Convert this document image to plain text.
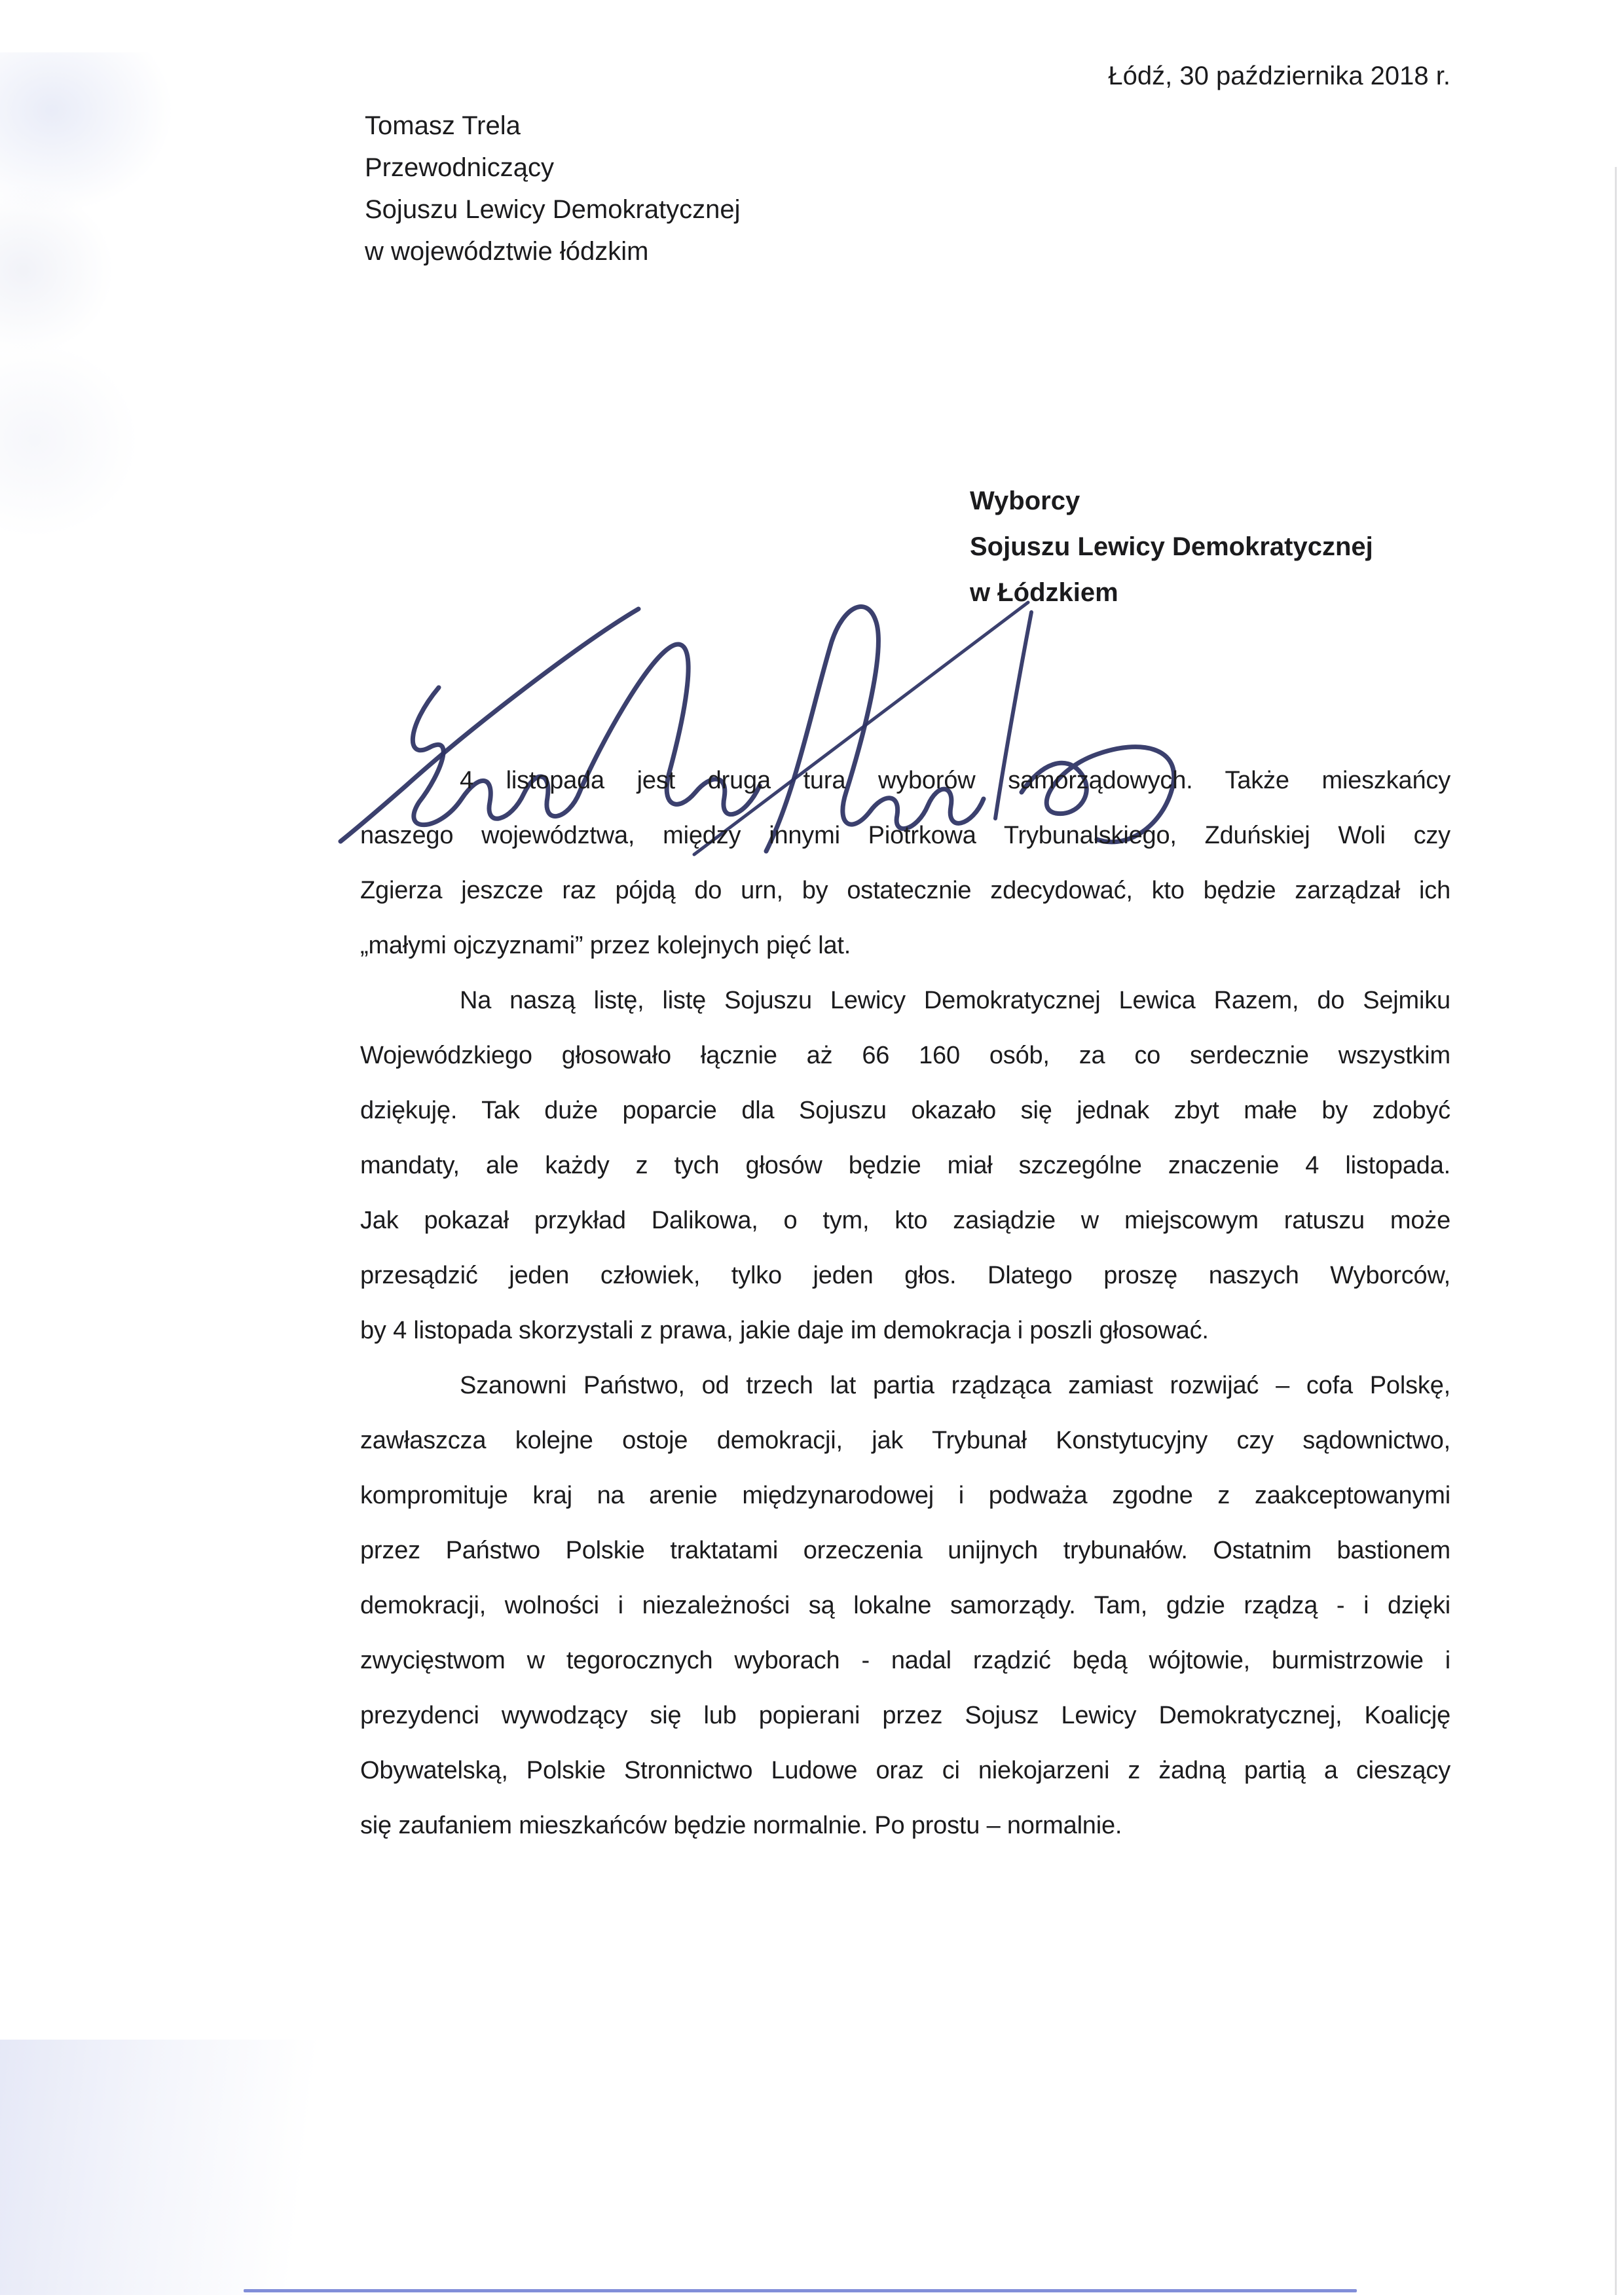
Łódź, 30 października 2018 r.
Tomasz Trela
Przewodniczący
Sojuszu Lewicy Demokratycznej
w województwie łódzkim
Wyborcy
Sojuszu Lewicy Demokratycznej
w Łódzkiem
4 listopada jest druga tura wyborów samorządowych. Także mieszkańcy
naszego województwa, między innymi Piotrkowa Trybunalskiego, Zduńskiej Woli czy
Zgierza jeszcze raz pójdą do urn, by ostatecznie zdecydować, kto będzie zarządzał ich
„małymi ojczyznami” przez kolejnych pięć lat.
Na naszą listę, listę Sojuszu Lewicy Demokratycznej Lewica Razem, do Sejmiku
Wojewódzkiego głosowało łącznie aż 66 160 osób, za co serdecznie wszystkim
dziękuję. Tak duże poparcie dla Sojuszu okazało się jednak zbyt małe by zdobyć
mandaty, ale każdy z tych głosów będzie miał szczególne znaczenie 4 listopada.
Jak pokazał przykład Dalikowa, o tym, kto zasiądzie w miejscowym ratuszu może
przesądzić jeden człowiek, tylko jeden głos. Dlatego proszę naszych Wyborców,
by 4 listopada skorzystali z prawa, jakie daje im demokracja i poszli głosować.
Szanowni Państwo, od trzech lat partia rządząca zamiast rozwijać – cofa Polskę,
zawłaszcza kolejne ostoje demokracji, jak Trybunał Konstytucyjny czy sądownictwo,
kompromituje kraj na arenie międzynarodowej i podważa zgodne z zaakceptowanymi
przez Państwo Polskie traktatami orzeczenia unijnych trybunałów. Ostatnim bastionem
demokracji, wolności i niezależności są lokalne samorządy. Tam, gdzie rządzą - i dzięki
zwycięstwom w tegorocznych wyborach - nadal rządzić będą wójtowie, burmistrzowie i
prezydenci wywodzący się lub popierani przez Sojusz Lewicy Demokratycznej, Koalicję
Obywatelską, Polskie Stronnictwo Ludowe oraz ci niekojarzeni z żadną partią a cieszący
się zaufaniem mieszkańców będzie normalnie. Po prostu – normalnie.
